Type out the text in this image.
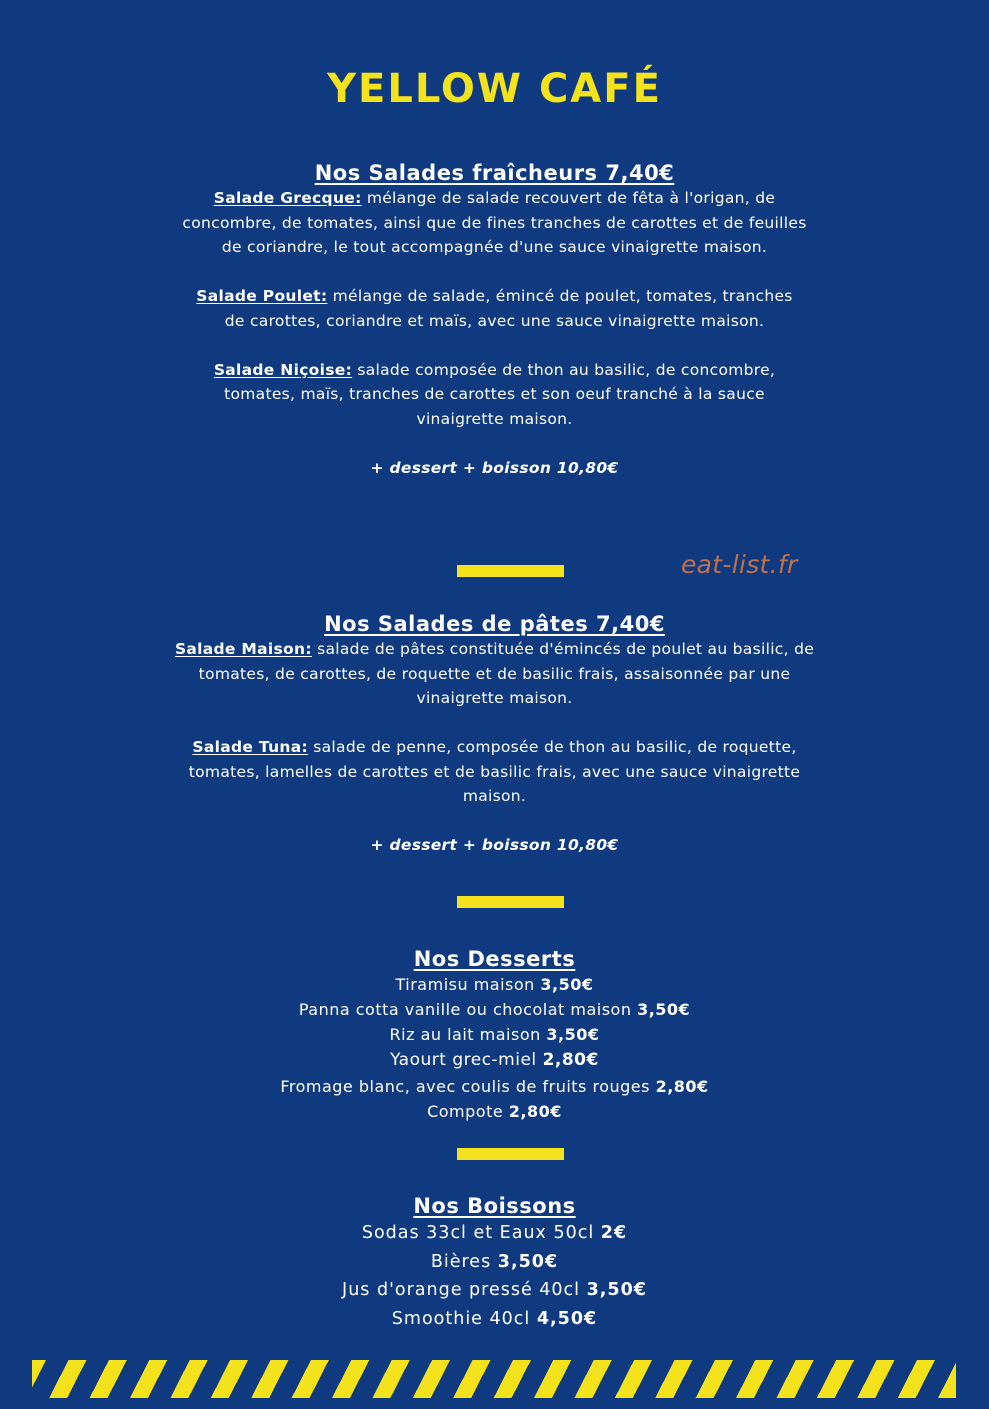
YELLOW CAFÉ

Nos Salades fraîcheurs 7,40€

Salade Grecque: mélange de salade recouvert de fêta à l'origan, de concombre, de tomates, ainsi que de fines tranches de carottes et de feuilles de coriandre, le tout accompagnée d'une sauce vinaigrette maison.

Salade Poulet: mélange de salade, émincé de poulet, tomates, tranches de carottes, coriandre et maïs, avec une sauce vinaigrette maison.

Salade Niçoise: salade composée de thon au basilic, de concombre, tomates, maïs, tranches de carottes et son oeuf tranché à la sauce vinaigrette maison.

+ dessert + boisson 10,80€

eat-list.fr

Nos Salades de pâtes 7,40€

Salade Maison: salade de pâtes constituée d'émincés de poulet au basilic, de tomates, de carottes, de roquette et de basilic frais, assaisonnée par une vinaigrette maison.

Salade Tuna: salade de penne, composée de thon au basilic, de roquette, tomates, lamelles de carottes et de basilic frais, avec une sauce vinaigrette maison.

+ dessert + boisson 10,80€

Nos Desserts

Tiramisu maison 3,50€

Panna cotta vanille ou chocolat maison 3,50€

Riz au lait maison 3,50€

Yaourt grec-miel 2,80€

Fromage blanc, avec coulis de fruits rouges 2,80€

Compote 2,80€

Nos Boissons

Sodas 33cl et Eaux 50cl 2€

Bières 3,50€

Jus d'orange pressé 40cl 3,50€

Smoothie 40cl 4,50€
